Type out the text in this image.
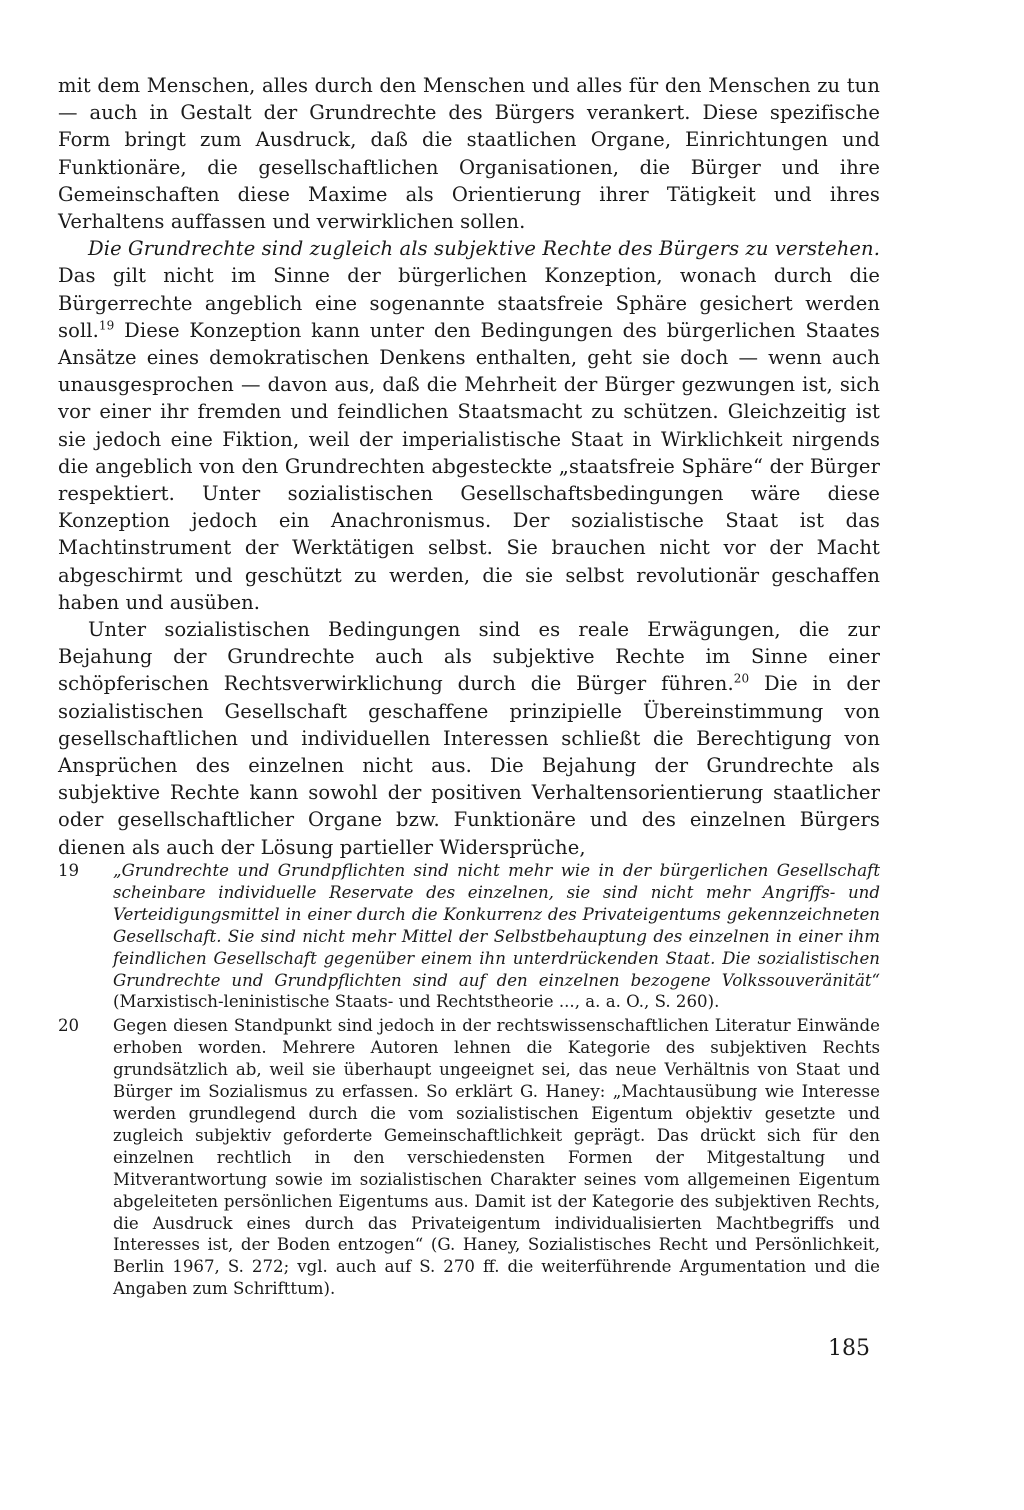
mit dem Menschen, alles durch den Menschen und alles für den Menschen zu tun — auch in Gestalt der Grundrechte des Bürgers verankert. Diese spezifische Form bringt zum Ausdruck, daß die staatlichen Organe, Einrichtungen und Funktionäre, die gesellschaftlichen Organisationen, die Bürger und ihre Gemeinschaften diese Maxime als Orientierung ihrer Tätigkeit und ihres Verhaltens auffassen und verwirklichen sollen.

Die Grundrechte sind zugleich als subjektive Rechte des Bürgers zu verstehen. Das gilt nicht im Sinne der bürgerlichen Konzeption, wonach durch die Bürgerrechte angeblich eine sogenannte staatsfreie Sphäre gesichert werden soll.$^{19}$ Diese Konzeption kann unter den Bedingungen des bürgerlichen Staates Ansätze eines demokratischen Denkens enthalten, geht sie doch — wenn auch unausgesprochen — davon aus, daß die Mehrheit der Bürger gezwungen ist, sich vor einer ihr fremden und feindlichen Staatsmacht zu schützen. Gleichzeitig ist sie jedoch eine Fiktion, weil der imperialistische Staat in Wirklichkeit nirgends die angeblich von den Grundrechten abgesteckte „staatsfreie Sphäre“ der Bürger respektiert. Unter sozialistischen Gesellschaftsbedingungen wäre diese Konzeption jedoch ein Anachronismus. Der sozialistische Staat ist das Machtinstrument der Werktätigen selbst. Sie brauchen nicht vor der Macht abgeschirmt und geschützt zu werden, die sie selbst revolutionär geschaffen haben und ausüben.

Unter sozialistischen Bedingungen sind es reale Erwägungen, die zur Bejahung der Grundrechte auch als subjektive Rechte im Sinne einer schöpferischen Rechtsverwirklichung durch die Bürger führen.$^{20}$ Die in der sozialistischen Gesellschaft geschaffene prinzipielle Übereinstimmung von gesellschaftlichen und individuellen Interessen schließt die Berechtigung von Ansprüchen des einzelnen nicht aus. Die Bejahung der Grundrechte als subjektive Rechte kann sowohl der positiven Verhaltensorientierung staatlicher oder gesellschaftlicher Organe bzw. Funktionäre und des einzelnen Bürgers dienen als auch der Lösung partieller Widersprüche,

19 „Grundrechte und Grundpflichten sind nicht mehr wie in der bürgerlichen Gesellschaft scheinbare individuelle Reservate des einzelnen, sie sind nicht mehr Angriffs- und Verteidigungsmittel in einer durch die Konkurrenz des Privateigentums gekennzeichneten Gesellschaft. Sie sind nicht mehr Mittel der Selbstbehauptung des einzelnen in einer ihm feindlichen Gesellschaft gegenüber einem ihn unterdrückenden Staat. Die sozialistischen Grundrechte und Grundpflichten sind auf den einzelnen bezogene Volkssouveränität“ (Marxistisch-leninistische Staats- und Rechtstheorie ..., a. a. O., S. 260).
20 Gegen diesen Standpunkt sind jedoch in der rechtswissenschaftlichen Literatur Einwände erhoben worden. Mehrere Autoren lehnen die Kategorie des subjektiven Rechts grundsätzlich ab, weil sie überhaupt ungeeignet sei, das neue Verhältnis von Staat und Bürger im Sozialismus zu erfassen. So erklärt G. Haney: „Machtausübung wie Interesse werden grundlegend durch die vom sozialistischen Eigentum objektiv gesetzte und zugleich subjektiv geforderte Gemeinschaftlichkeit geprägt. Das drückt sich für den einzelnen rechtlich in den verschiedensten Formen der Mitgestaltung und Mitverantwortung sowie im sozialistischen Charakter seines vom allgemeinen Eigentum abgeleiteten persönlichen Eigentums aus. Damit ist der Kategorie des subjektiven Rechts, die Ausdruck eines durch das Privateigentum individualisierten Machtbegriffs und Interesses ist, der Boden entzogen“ (G. Haney, Sozialistisches Recht und Persönlichkeit, Berlin 1967, S. 272; vgl. auch auf S. 270 ff. die weiterführende Argumentation und die Angaben zum Schrifttum).
185
